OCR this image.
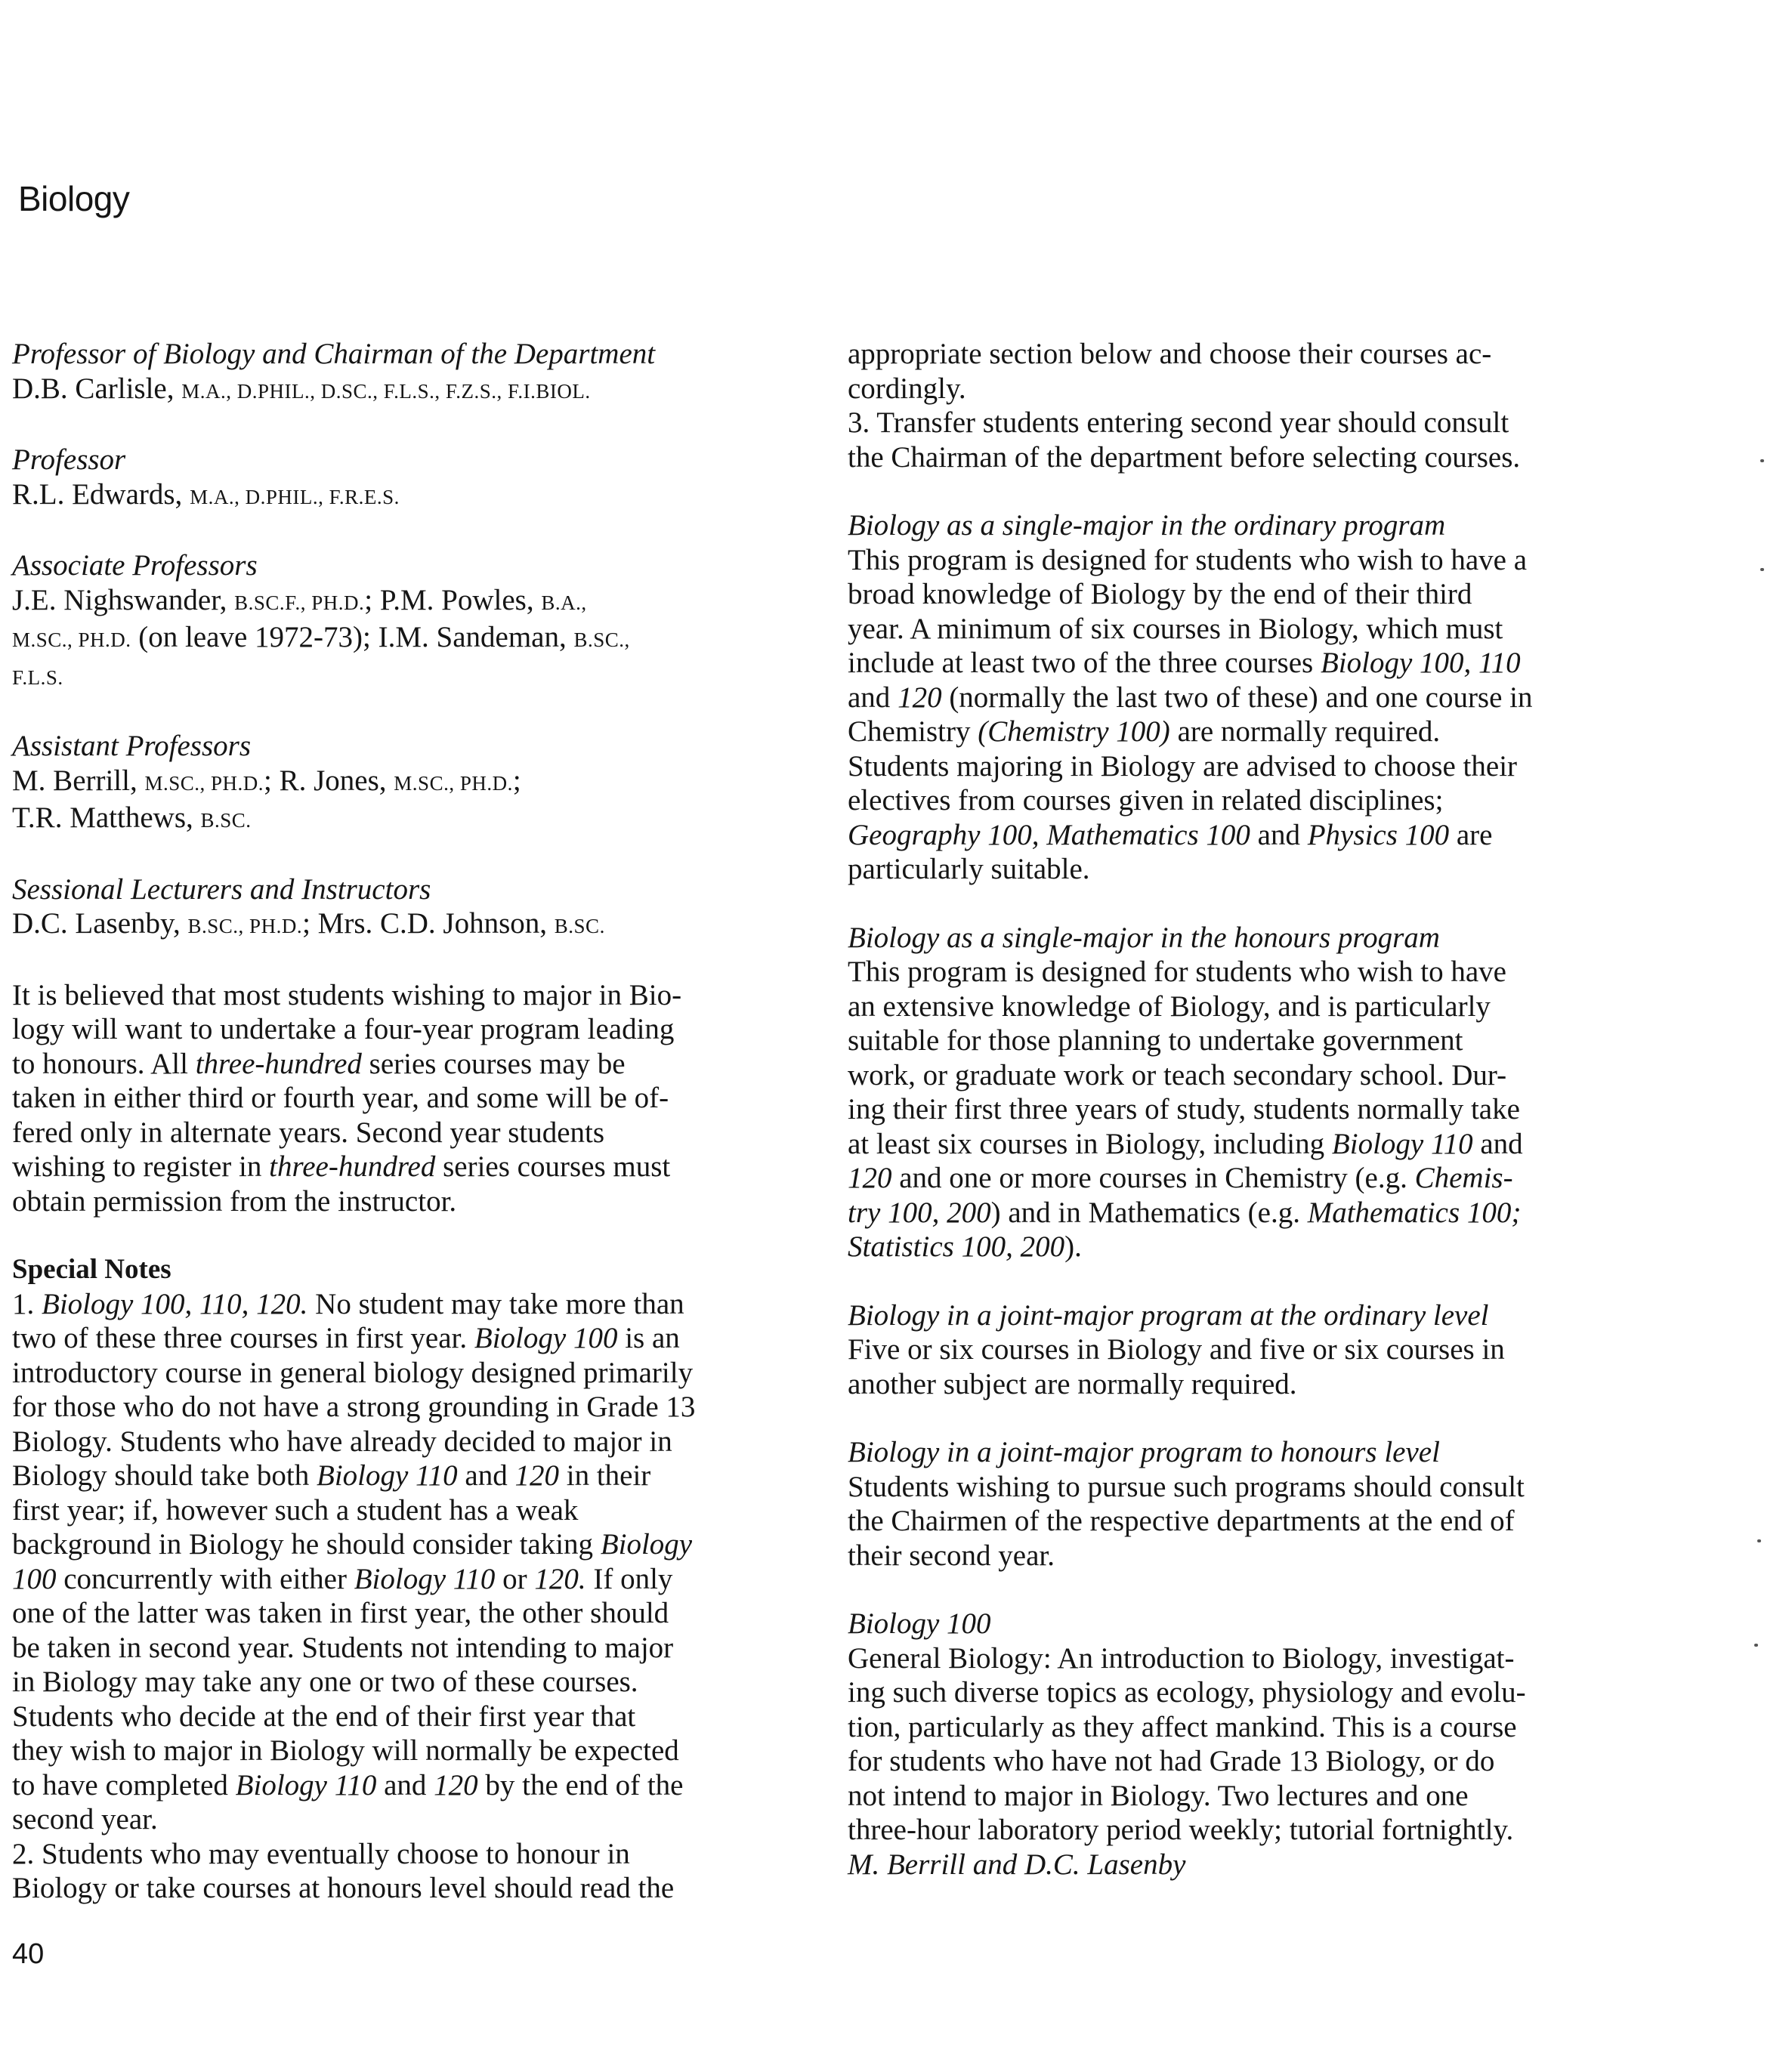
Biology
Professor of Biology and Chairman of the Department
D.B. Carlisle, M.A., D.PHIL., D.SC., F.L.S., F.Z.S., F.I.BIOL.
Professor
R.L. Edwards, M.A., D.PHIL., F.R.E.S.
Associate Professors
J.E. Nighswander, B.SC.F., PH.D.; P.M. Powles, B.A.,
M.SC., PH.D. (on leave 1972-73); I.M. Sandeman, B.SC.,
F.L.S.
Assistant Professors
M. Berrill, M.SC., PH.D.; R. Jones, M.SC., PH.D.;
T.R. Matthews, B.SC.
Sessional Lecturers and Instructors
D.C. Lasenby, B.SC., PH.D.; Mrs. C.D. Johnson, B.SC.
It is believed that most students wishing to major in Bio-
logy will want to undertake a four-year program leading
to honours. All three-hundred series courses may be
taken in either third or fourth year, and some will be of-
fered only in alternate years. Second year students
wishing to register in three-hundred series courses must
obtain permission from the instructor.
Special Notes
1. Biology 100, 110, 120. No student may take more than
two of these three courses in first year. Biology 100 is an
introductory course in general biology designed primarily
for those who do not have a strong grounding in Grade 13
Biology. Students who have already decided to major in
Biology should take both Biology 110 and 120 in their
first year; if, however such a student has a weak
background in Biology he should consider taking Biology
100 concurrently with either Biology 110 or 120. If only
one of the latter was taken in first year, the other should
be taken in second year. Students not intending to major
in Biology may take any one or two of these courses.
Students who decide at the end of their first year that
they wish to major in Biology will normally be expected
to have completed Biology 110 and 120 by the end of the
second year.
2. Students who may eventually choose to honour in
Biology or take courses at honours level should read the
appropriate section below and choose their courses ac-
cordingly.
3. Transfer students entering second year should consult
the Chairman of the department before selecting courses.
Biology as a single-major in the ordinary program
This program is designed for students who wish to have a
broad knowledge of Biology by the end of their third
year. A minimum of six courses in Biology, which must
include at least two of the three courses Biology 100, 110
and 120 (normally the last two of these) and one course in
Chemistry (Chemistry 100) are normally required.
Students majoring in Biology are advised to choose their
electives from courses given in related disciplines;
Geography 100, Mathematics 100 and Physics 100 are
particularly suitable.
Biology as a single-major in the honours program
This program is designed for students who wish to have
an extensive knowledge of Biology, and is particularly
suitable for those planning to undertake government
work, or graduate work or teach secondary school. Dur-
ing their first three years of study, students normally take
at least six courses in Biology, including Biology 110 and
120 and one or more courses in Chemistry (e.g. Chemis-
try 100, 200) and in Mathematics (e.g. Mathematics 100;
Statistics 100, 200).
Biology in a joint-major program at the ordinary level
Five or six courses in Biology and five or six courses in
another subject are normally required.
Biology in a joint-major program to honours level
Students wishing to pursue such programs should consult
the Chairmen of the respective departments at the end of
their second year.
Biology 100
General Biology: An introduction to Biology, investigat-
ing such diverse topics as ecology, physiology and evolu-
tion, particularly as they affect mankind. This is a course
for students who have not had Grade 13 Biology, or do
not intend to major in Biology. Two lectures and one
three-hour laboratory period weekly; tutorial fortnightly.
M. Berrill and D.C. Lasenby
40
